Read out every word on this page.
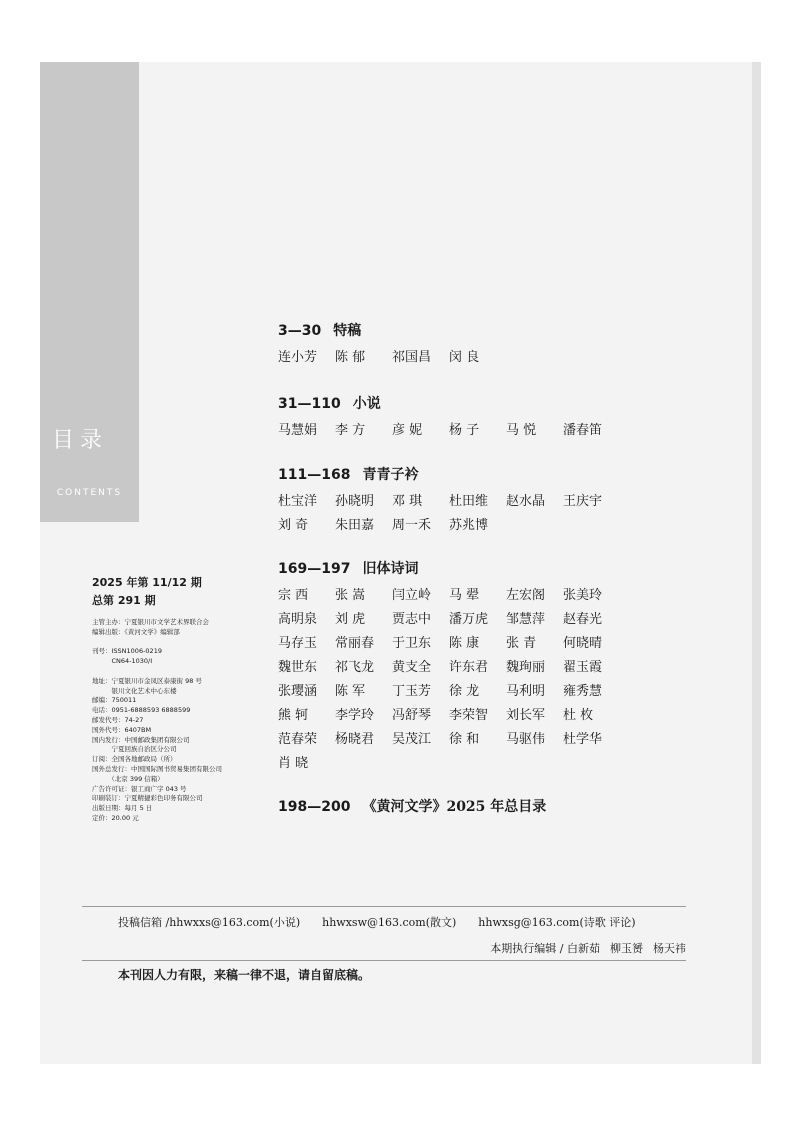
目录
CONTENTS
3—30 特稿
连小芳 陈 郁 祁国昌 闵 良
31—110 小说
马慧娟 李 方 彦 妮 杨 子 马 悦 潘春笛
111—168 青青子衿
杜宝洋 孙晓明 邓 琪 杜田维 赵水晶 王庆宇
刘 奇 朱田嘉 周一禾 苏兆博
169—197 旧体诗词
宗 西 张 嵩 闫立岭 马 翚 左宏阁 张美玲
高明泉 刘 虎 贾志中 潘万虎 邹慧萍 赵春光
马存玉 常丽春 于卫东 陈 康 张 青 何晓晴
魏世东 祁飞龙 黄支全 许东君 魏珣丽 翟玉霞
张璎涵 陈 军 丁玉芳 徐 龙 马利明 雍秀慧
熊 轲 李学玲 冯舒琴 李荣智 刘长军 杜 枚
范春荣 杨晓君 吴茂江 徐 和 马驱伟 杜学华
肖 晓
198—200 《黄河文学》2025 年总目录
2025 年第 11/12 期
总第 291 期
主管主办：宁夏银川市文学艺术界联合会
编辑出版：《黄河文学》编辑部
刊号：ISSN1006-0219
　　　CN64-1030/I
地址：宁夏银川市金凤区泰康街 98 号
　　　银川文化艺术中心东楼
邮编：750011
电话：0951-6888593 6888599
邮发代号：74-27
国外代号：6407BM
国内发行：中国邮政集团有限公司
　　　宁夏回族自治区分公司
订阅：全国各地邮政局（所）
国外总发行：中国国际图书贸易集团有限公司
　　　（北京 399 信箱）
广告许可证：银工商广字 043 号
印刷装订：宁夏精捷彩色印务有限公司
出版日期：每月 5 日
定价：20.00 元
投稿信箱 /hhwxxs@163.com(小说) hhwxsw@163.com(散文) hhwxsg@163.com(诗歌 评论)
本期执行编辑 / 白新茹 柳玉赟 杨天祎
本刊因人力有限，来稿一律不退，请自留底稿。
